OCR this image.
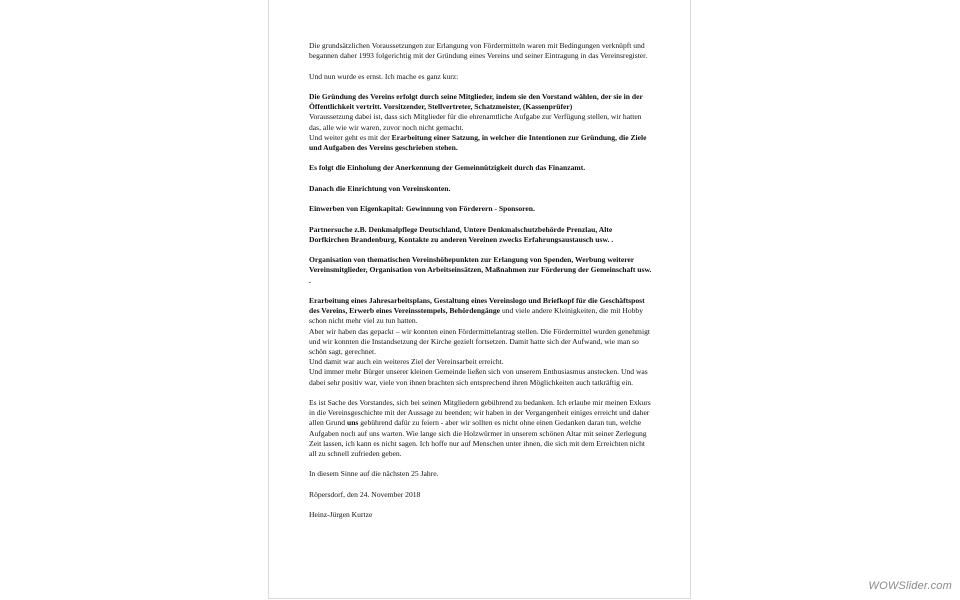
Die grundsätzlichen Voraussetzungen zur Erlangung von Fördermitteln waren mit Bedingungen verknüpft und begannen daher 1993 folgerichtig mit der Gründung eines Vereins und seiner Eintragung in das Vereinsregister.

Und nun wurde es ernst. Ich mache es ganz kurz:

Die Gründung des Vereins erfolgt durch seine Mitglieder, indem sie den Vorstand wählen, der sie in der Öffentlichkeit vertritt. Vorsitzender, Stellvertreter, Schatzmeister, (Kassenprüfer)
Voraussetzung dabei ist, dass sich Mitglieder für die ehrenamtliche Aufgabe zur Verfügung stellen, wir hatten das, alle wie wir waren, zuvor noch nicht gemacht.
Und weiter geht es mit der Erarbeitung einer Satzung, in welcher die Intentionen zur Gründung, die Ziele und Aufgaben des Vereins geschrieben stehen.

Es folgt die Einholung der Anerkennung der Gemeinnützigkeit durch das Finanzamt.

Danach die Einrichtung von Vereinskonten.

Einwerben von Eigenkapital: Gewinnung von Förderern - Sponsoren.

Partnersuche z.B. Denkmalpflege Deutschland, Untere Denkmalschutzbehörde Prenzlau, Alte Dorfkirchen Brandenburg, Kontakte zu anderen Vereinen zwecks Erfahrungsaustausch usw. .

Organisation von thematischen Vereinshöhepunkten zur Erlangung von Spenden, Werbung weiterer Vereinsmitglieder, Organisation von Arbeitseinsätzen, Maßnahmen zur Förderung der Gemeinschaft usw. .

Erarbeitung eines Jahresarbeitsplans, Gestaltung eines Vereinslogo und Briefkopf für die Geschäftspost des Vereins, Erwerb eines Vereinsstempels, Behördengänge und viele andere Kleinigkeiten, die mit Hobby schon nicht mehr viel zu tun hatten.
Aber wir haben das gepackt – wir konnten einen Fördermittelantrag stellen. Die Fördermittel wurden genehmigt und wir konnten die Instandsetzung der Kirche gezielt fortsetzen. Damit hatte sich der Aufwand, wie man so schön sagt, gerechnet.
Und damit war auch ein weiteres Ziel der Vereinsarbeit erreicht.
Und immer mehr Bürger unserer kleinen Gemeinde ließen sich von unserem Enthusiasmus anstecken. Und was dabei sehr positiv war, viele von ihnen brachten sich entsprechend ihren Möglichkeiten auch tatkräftig ein.

Es ist Sache des Vorstandes, sich bei seinen Mitgliedern gebührend zu bedanken. Ich erlaube mir meinen Exkurs in die Vereinsgeschichte mit der Aussage zu beenden; wir haben in der Vergangenheit einiges erreicht und daher allen Grund uns gebührend dafür zu feiern - aber wir sollten es nicht ohne einen Gedanken daran tun, welche Aufgaben noch auf uns warten. Wie lange sich die Holzwürmer in unserem schönen Altar mit seiner Zerlegung Zeit lassen, ich kann es nicht sagen. Ich hoffe nur auf Menschen unter ihnen, die sich mit dem Erreichten nicht all zu schnell zufrieden geben.

In diesem Sinne auf die nächsten 25 Jahre.

Röpersdorf, den 24. November 2018

Heinz-Jürgen Kurtze

WOWSlider.com
